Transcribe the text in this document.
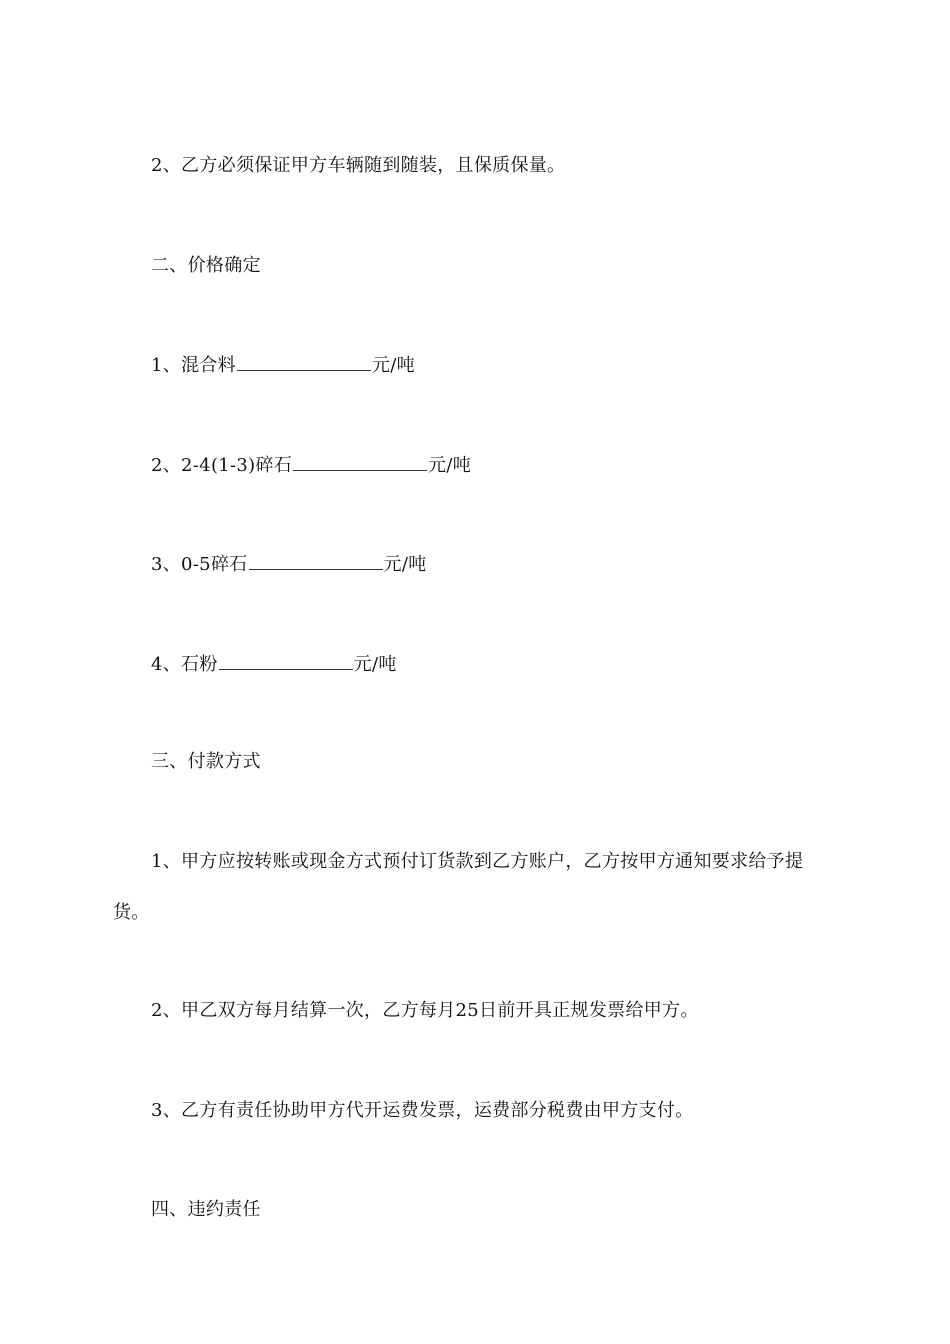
2、乙方必须保证甲方车辆随到随装，且保质保量。
二、价格确定
1、混合料	元/吨
2、2-4(1-3)碎石	元/吨
3、0-5碎石	元/吨
4、石粉	元/吨
三、付款方式
1、甲方应按转账或现金方式预付订货款到乙方账户，乙方按甲方通知要求给予提
货。
2、甲乙双方每月结算一次，乙方每月25日前开具正规发票给甲方。
3、乙方有责任协助甲方代开运费发票，运费部分税费由甲方支付。
四、违约责任
